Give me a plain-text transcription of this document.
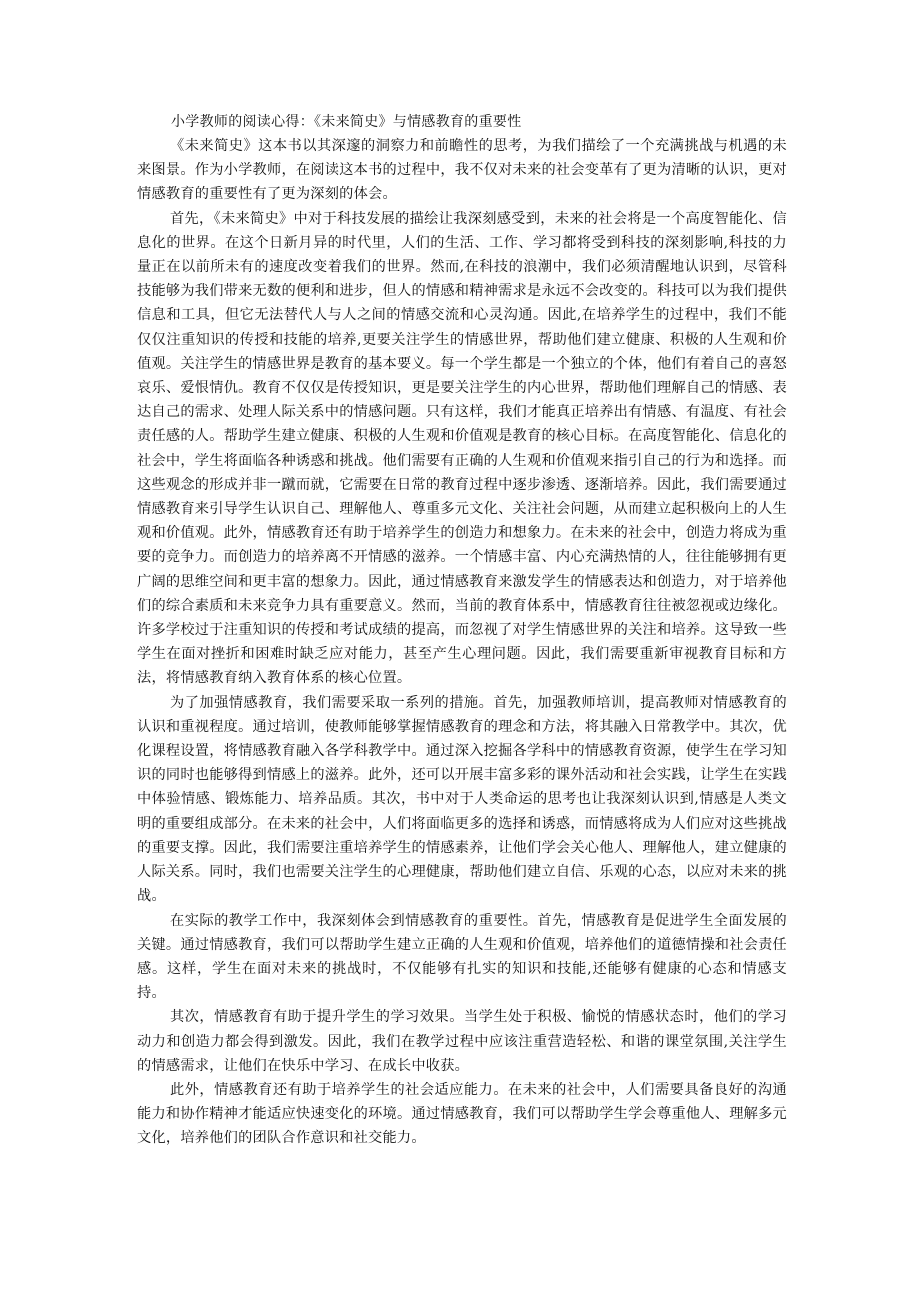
小学教师的阅读心得：《未来简史》与情感教育的重要性

《未来简史》这本书以其深邃的洞察力和前瞻性的思考，为我们描绘了一个充满挑战与机遇的未来图景。作为小学教师，在阅读这本书的过程中，我不仅对未来的社会变革有了更为清晰的认识，更对情感教育的重要性有了更为深刻的体会。

首先，《未来简史》中对于科技发展的描绘让我深刻感受到，未来的社会将是一个高度智能化、信息化的世界。在这个日新月异的时代里，人们的生活、工作、学习都将受到科技的深刻影响,科技的力量正在以前所未有的速度改变着我们的世界。然而,在科技的浪潮中，我们必须清醒地认识到，尽管科技能够为我们带来无数的便利和进步，但人的情感和精神需求是永远不会改变的。科技可以为我们提供信息和工具，但它无法替代人与人之间的情感交流和心灵沟通。因此,在培养学生的过程中，我们不能仅仅注重知识的传授和技能的培养,更要关注学生的情感世界，帮助他们建立健康、积极的人生观和价值观。关注学生的情感世界是教育的基本要义。每一个学生都是一个独立的个体，他们有着自己的喜怒哀乐、爱恨情仇。教育不仅仅是传授知识，更是要关注学生的内心世界，帮助他们理解自己的情感、表达自己的需求、处理人际关系中的情感问题。只有这样，我们才能真正培养出有情感、有温度、有社会责任感的人。帮助学生建立健康、积极的人生观和价值观是教育的核心目标。在高度智能化、信息化的社会中，学生将面临各种诱惑和挑战。他们需要有正确的人生观和价值观来指引自己的行为和选择。而这些观念的形成并非一蹴而就，它需要在日常的教育过程中逐步渗透、逐渐培养。因此，我们需要通过情感教育来引导学生认识自己、理解他人、尊重多元文化、关注社会问题，从而建立起积极向上的人生观和价值观。此外，情感教育还有助于培养学生的创造力和想象力。在未来的社会中，创造力将成为重要的竞争力。而创造力的培养离不开情感的滋养。一个情感丰富、内心充满热情的人，往往能够拥有更广阔的思维空间和更丰富的想象力。因此，通过情感教育来激发学生的情感表达和创造力，对于培养他们的综合素质和未来竞争力具有重要意义。然而，当前的教育体系中，情感教育往往被忽视或边缘化。许多学校过于注重知识的传授和考试成绩的提高，而忽视了对学生情感世界的关注和培养。这导致一些学生在面对挫折和困难时缺乏应对能力，甚至产生心理问题。因此，我们需要重新审视教育目标和方法，将情感教育纳入教育体系的核心位置。

为了加强情感教育，我们需要采取一系列的措施。首先，加强教师培训，提高教师对情感教育的认识和重视程度。通过培训，使教师能够掌握情感教育的理念和方法，将其融入日常教学中。其次，优化课程设置，将情感教育融入各学科教学中。通过深入挖掘各学科中的情感教育资源，使学生在学习知识的同时也能够得到情感上的滋养。此外，还可以开展丰富多彩的课外活动和社会实践，让学生在实践中体验情感、锻炼能力、培养品质。其次，书中对于人类命运的思考也让我深刻认识到,情感是人类文明的重要组成部分。在未来的社会中，人们将面临更多的选择和诱惑，而情感将成为人们应对这些挑战的重要支撑。因此，我们需要注重培养学生的情感素养，让他们学会关心他人、理解他人，建立健康的人际关系。同时，我们也需要关注学生的心理健康，帮助他们建立自信、乐观的心态，以应对未来的挑战。

在实际的教学工作中，我深刻体会到情感教育的重要性。首先，情感教育是促进学生全面发展的关键。通过情感教育，我们可以帮助学生建立正确的人生观和价值观，培养他们的道德情操和社会责任感。这样，学生在面对未来的挑战时，不仅能够有扎实的知识和技能,还能够有健康的心态和情感支持。

其次，情感教育有助于提升学生的学习效果。当学生处于积极、愉悦的情感状态时，他们的学习动力和创造力都会得到激发。因此，我们在教学过程中应该注重营造轻松、和谐的课堂氛围,关注学生的情感需求，让他们在快乐中学习、在成长中收获。

此外，情感教育还有助于培养学生的社会适应能力。在未来的社会中，人们需要具备良好的沟通能力和协作精神才能适应快速变化的环境。通过情感教育，我们可以帮助学生学会尊重他人、理解多元文化，培养他们的团队合作意识和社交能力。
